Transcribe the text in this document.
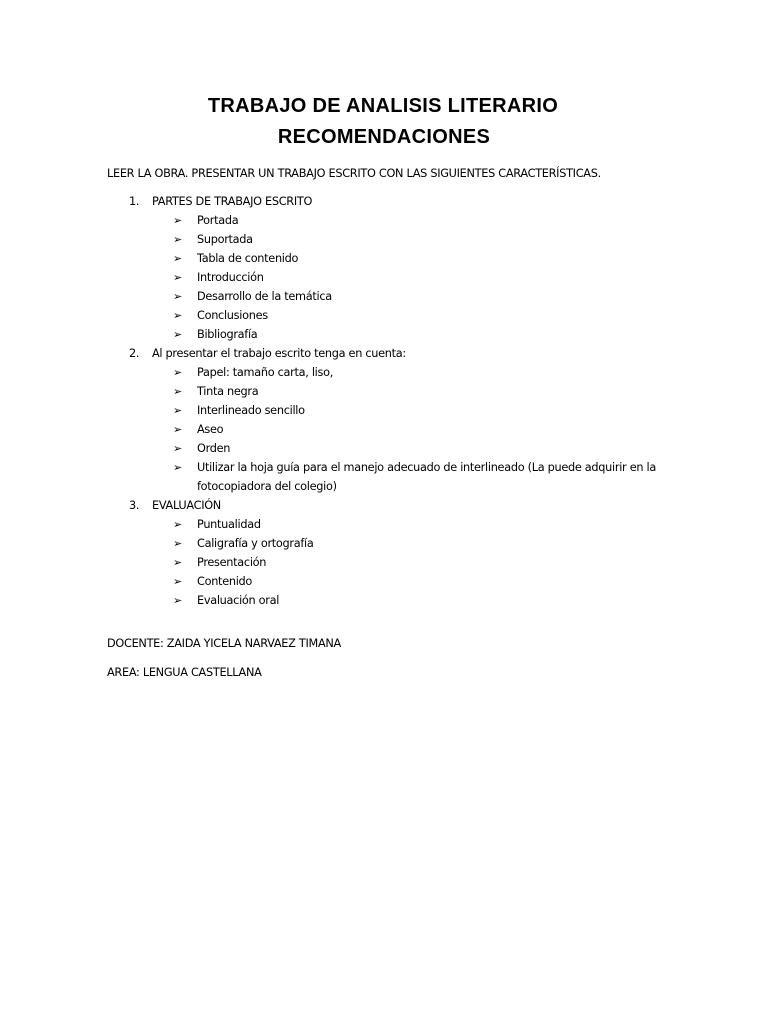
TRABAJO DE ANALISIS LITERARIO
RECOMENDACIONES
LEER LA OBRA. PRESENTAR UN TRABAJO ESCRITO CON LAS SIGUIENTES CARACTERÍSTICAS.
1. PARTES DE TRABAJO ESCRITO
➢ Portada
➢ Suportada
➢ Tabla de contenido
➢ Introducción
➢ Desarrollo de la temática
➢ Conclusiones
➢ Bibliografía
2. Al presentar el trabajo escrito tenga en cuenta:
➢ Papel: tamaño carta, liso,
➢ Tinta negra
➢ Interlineado sencillo
➢ Aseo
➢ Orden
➢ Utilizar la hoja guía para el manejo adecuado de interlineado (La puede adquirir en la fotocopiadora del colegio)
3. EVALUACIÓN
➢ Puntualidad
➢ Caligrafía y ortografía
➢ Presentación
➢ Contenido
➢ Evaluación oral
DOCENTE: ZAIDA YICELA NARVAEZ TIMANA
AREA: LENGUA CASTELLANA
